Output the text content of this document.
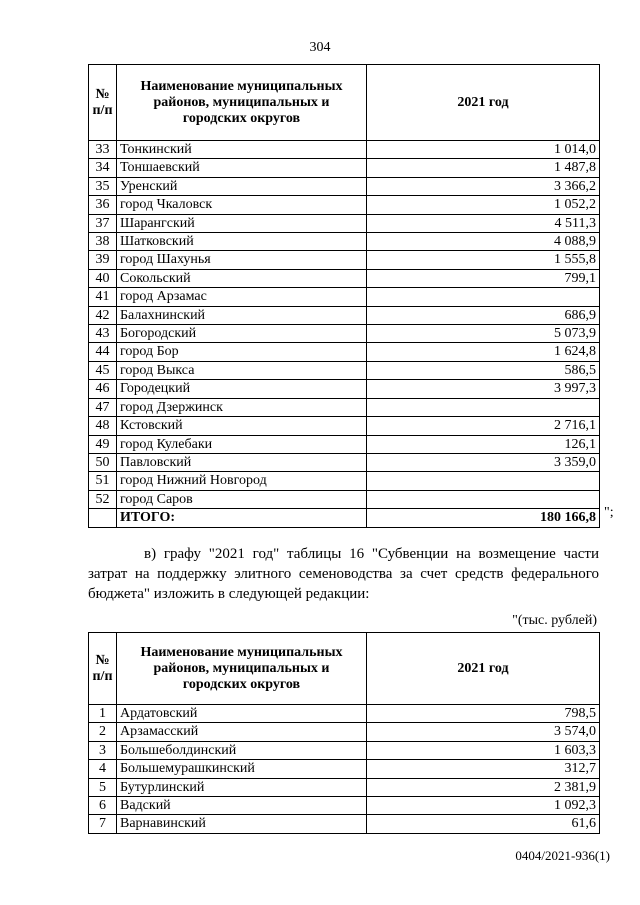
304
№ п/п	Наименование муниципальных районов, муниципальных и городских округов	2021 год
33	Тонкинский	1 014,0
34	Тоншаевский	1 487,8
35	Уренский	3 366,2
36	город Чкаловск	1 052,2
37	Шарангский	4 511,3
38	Шатковский	4 088,9
39	город Шахунья	1 555,8
40	Сокольский	799,1
41	город Арзамас	
42	Балахнинский	686,9
43	Богородский	5 073,9
44	город Бор	1 624,8
45	город Выкса	586,5
46	Городецкий	3 997,3
47	город Дзержинск	
48	Кстовский	2 716,1
49	город Кулебаки	126,1
50	Павловский	3 359,0
51	город Нижний Новгород	
52	город Саров	
	ИТОГО:	180 166,8 ";
в) графу "2021 год" таблицы 16 "Субвенции на возмещение части затрат на поддержку элитного семеноводства за счет средств федерального бюджета" изложить в следующей редакции:
"(тыс. рублей)
№ п/п	Наименование муниципальных районов, муниципальных и городских округов	2021 год
1	Ардатовский	798,5
2	Арзамасский	3 574,0
3	Большеболдинский	1 603,3
4	Большемурашкинский	312,7
5	Бутурлинский	2 381,9
6	Вадский	1 092,3
7	Варнавинский	61,6
0404/2021-936(1)
